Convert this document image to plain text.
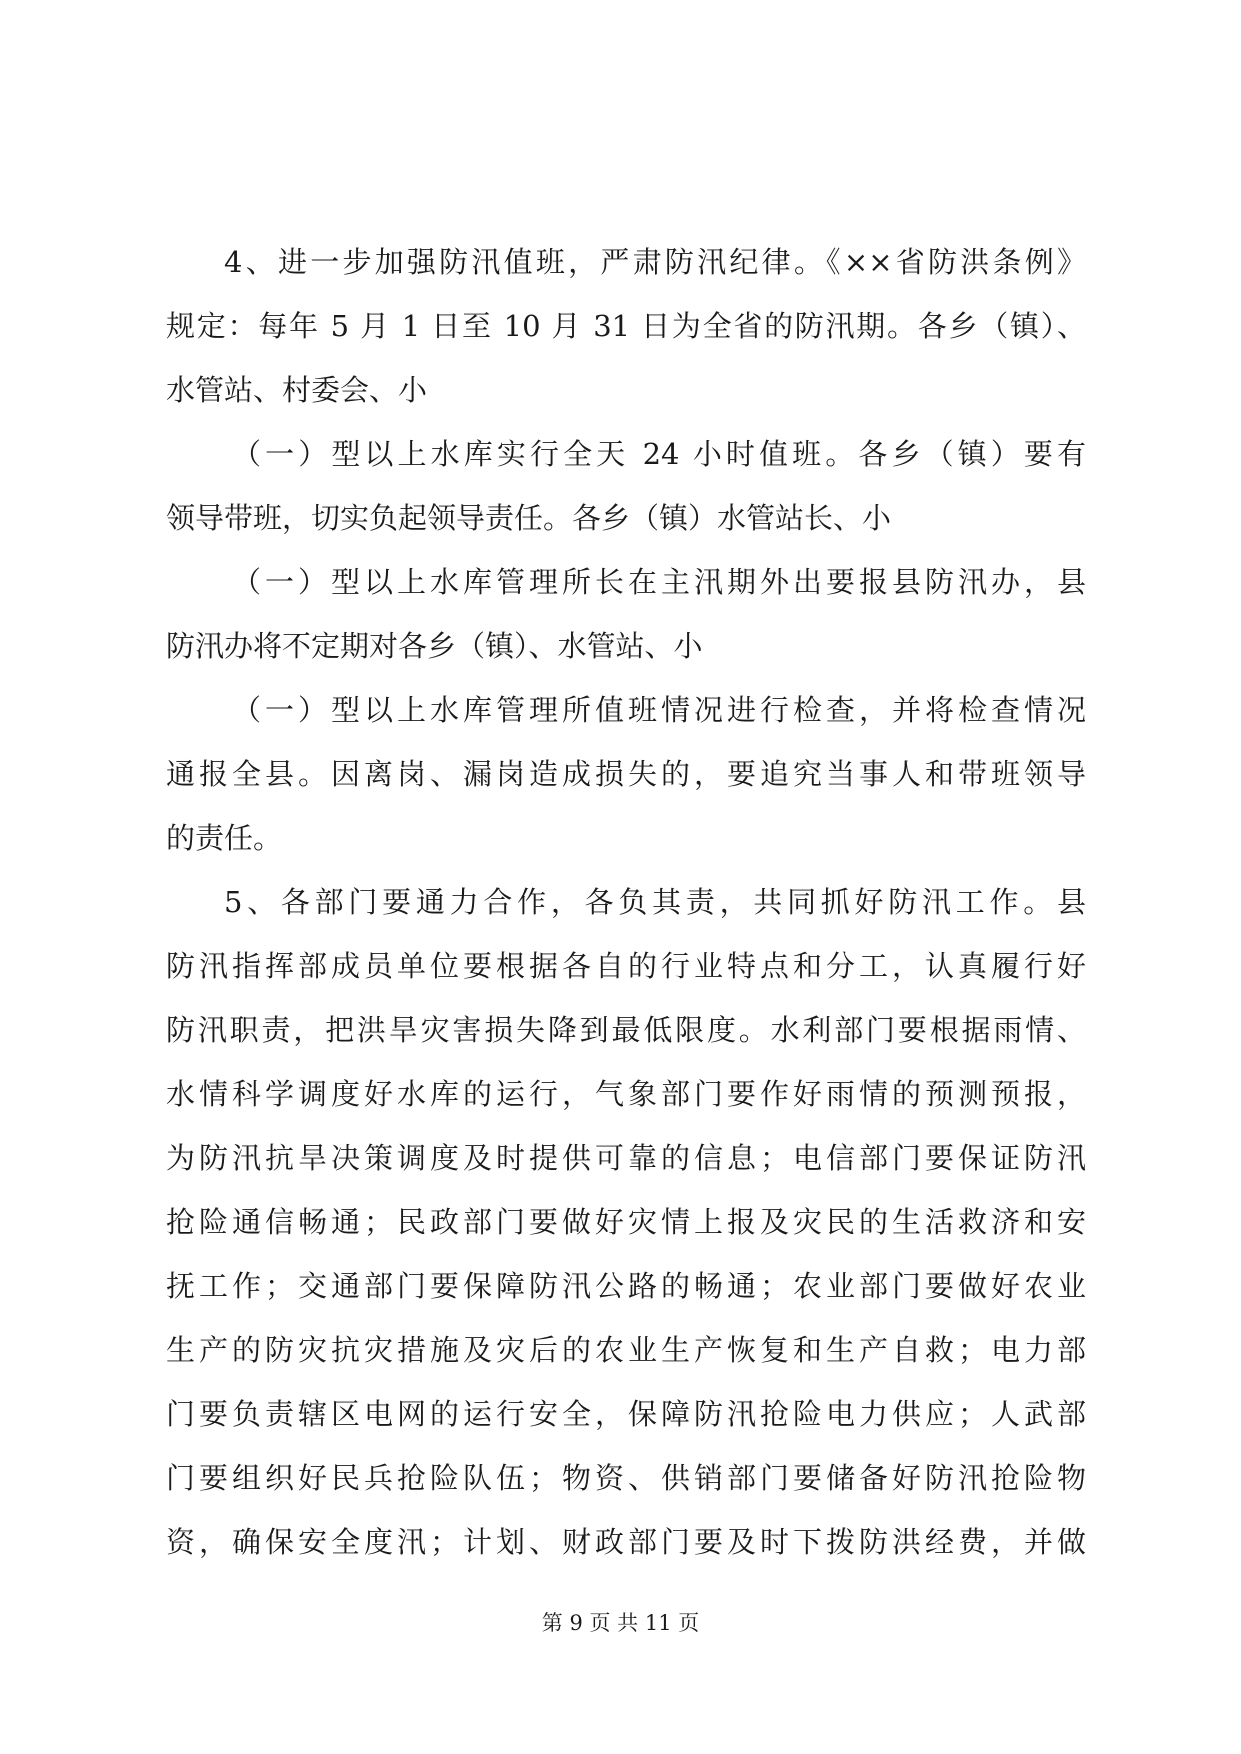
4、进一步加强防汛值班，严肃防汛纪律。《××省防洪条例》
规定：每年 5 月 1 日至 10 月 31 日为全省的防汛期。各乡（镇）、
水管站、村委会、小
（一）型以上水库实行全天 24 小时值班。各乡（镇）要有
领导带班，切实负起领导责任。各乡（镇）水管站长、小
（一）型以上水库管理所长在主汛期外出要报县防汛办，县
防汛办将不定期对各乡（镇）、水管站、小
（一）型以上水库管理所值班情况进行检查，并将检查情况
通报全县。因离岗、漏岗造成损失的，要追究当事人和带班领导
的责任。
5、各部门要通力合作，各负其责，共同抓好防汛工作。县
防汛指挥部成员单位要根据各自的行业特点和分工，认真履行好
防汛职责，把洪旱灾害损失降到最低限度。水利部门要根据雨情、
水情科学调度好水库的运行，气象部门要作好雨情的预测预报，
为防汛抗旱决策调度及时提供可靠的信息；电信部门要保证防汛
抢险通信畅通；民政部门要做好灾情上报及灾民的生活救济和安
抚工作；交通部门要保障防汛公路的畅通；农业部门要做好农业
生产的防灾抗灾措施及灾后的农业生产恢复和生产自救；电力部
门要负责辖区电网的运行安全，保障防汛抢险电力供应；人武部
门要组织好民兵抢险队伍；物资、供销部门要储备好防汛抢险物
资，确保安全度汛；计划、财政部门要及时下拨防洪经费，并做
第 9 页 共 11 页
